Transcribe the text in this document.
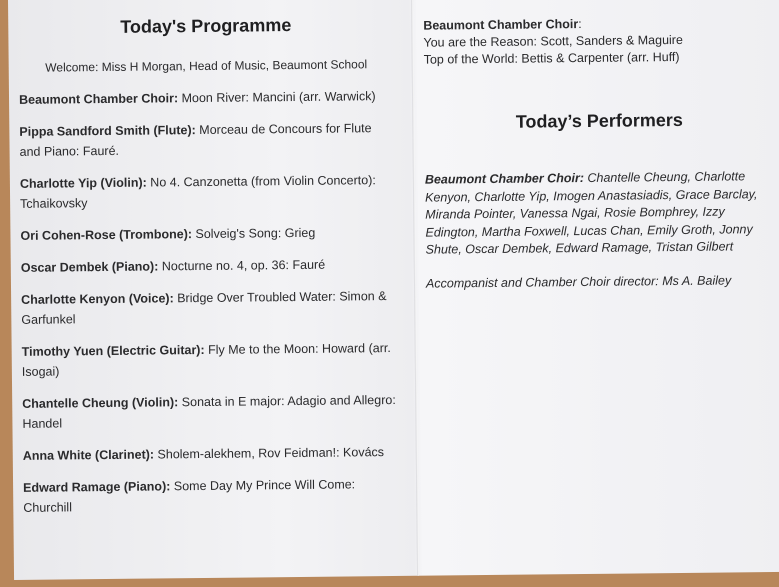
Today's Programme
Welcome: Miss H Morgan, Head of Music, Beaumont School
Beaumont Chamber Choir: Moon River: Mancini (arr. Warwick)
Pippa Sandford Smith (Flute): Morceau de Concours for Flute and Piano: Fauré.
Charlotte Yip (Violin): No 4. Canzonetta (from Violin Concerto): Tchaikovsky
Ori Cohen-Rose (Trombone): Solveig's Song: Grieg
Oscar Dembek (Piano): Nocturne no. 4, op. 36: Fauré
Charlotte Kenyon (Voice): Bridge Over Troubled Water: Simon & Garfunkel
Timothy Yuen (Electric Guitar): Fly Me to the Moon: Howard (arr. Isogai)
Chantelle Cheung (Violin): Sonata in E major: Adagio and Allegro: Handel
Anna White (Clarinet): Sholem-alekhem, Rov Feidman!: Kovács
Edward Ramage (Piano): Some Day My Prince Will Come: Churchill
Beaumont Chamber Choir:
You are the Reason: Scott, Sanders & Maguire
Top of the World: Bettis & Carpenter (arr. Huff)
Today’s Performers
Beaumont Chamber Choir: Chantelle Cheung, Charlotte Kenyon, Charlotte Yip, Imogen Anastasiadis, Grace Barclay, Miranda Pointer, Vanessa Ngai, Rosie Bomphrey, Izzy Edington, Martha Foxwell, Lucas Chan, Emily Groth, Jonny Shute, Oscar Dembek, Edward Ramage, Tristan Gilbert
Accompanist and Chamber Choir director: Ms A. Bailey
